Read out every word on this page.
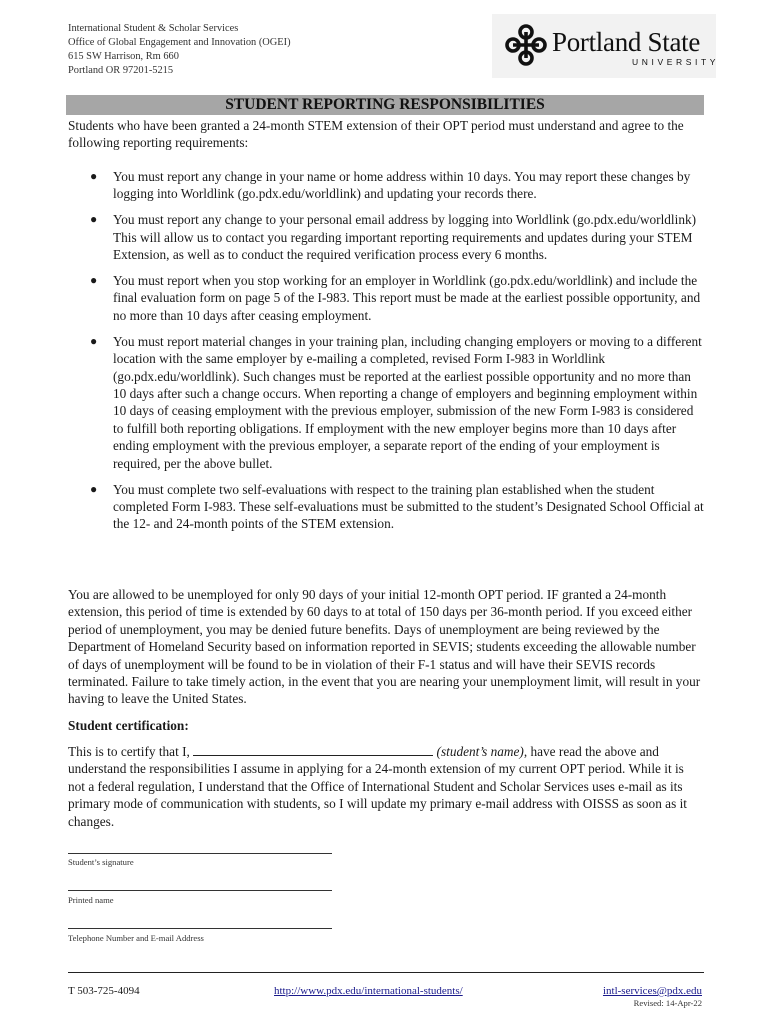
International Student & Scholar Services
Office of Global Engagement and Innovation (OGEI)
615 SW Harrison, Rm 660
Portland OR 97201-5215
Portland State
UNIVERSITY
STUDENT REPORTING RESPONSIBILITIES
Students who have been granted a 24-month STEM extension of their OPT period must understand and agree to the following reporting requirements:
● You must report any change in your name or home address within 10 days. You may report these changes by logging into Worldlink (go.pdx.edu/worldlink) and updating your records there.
● You must report any change to your personal email address by logging into Worldlink (go.pdx.edu/worldlink) This will allow us to contact you regarding important reporting requirements and updates during your STEM Extension, as well as to conduct the required verification process every 6 months.
● You must report when you stop working for an employer in Worldlink (go.pdx.edu/worldlink) and include the final evaluation form on page 5 of the I-983. This report must be made at the earliest possible opportunity, and no more than 10 days after ceasing employment.
● You must report material changes in your training plan, including changing employers or moving to a different location with the same employer by e-mailing a completed, revised Form I-983 in Worldlink (go.pdx.edu/worldlink). Such changes must be reported at the earliest possible opportunity and no more than 10 days after such a change occurs. When reporting a change of employers and beginning employment within 10 days of ceasing employment with the previous employer, submission of the new Form I-983 is considered to fulfill both reporting obligations. If employment with the new employer begins more than 10 days after ending employment with the previous employer, a separate report of the ending of your employment is required, per the above bullet.
● You must complete two self-evaluations with respect to the training plan established when the student completed Form I-983. These self-evaluations must be submitted to the student’s Designated School Official at the 12- and 24-month points of the STEM extension.
You are allowed to be unemployed for only 90 days of your initial 12-month OPT period. IF granted a 24-month extension, this period of time is extended by 60 days to at total of 150 days per 36-month period. If you exceed either period of unemployment, you may be denied future benefits. Days of unemployment are being reviewed by the Department of Homeland Security based on information reported in SEVIS; students exceeding the allowable number of days of unemployment will be found to be in violation of their F-1 status and will have their SEVIS records terminated. Failure to take timely action, in the event that you are nearing your unemployment limit, will result in your having to leave the United States.
Student certification:
This is to certify that I,	(student’s name), have read the above and understand the responsibilities I assume in applying for a 24-month extension of my current OPT period. While it is not a federal regulation, I understand that the Office of International Student and Scholar Services uses e-mail as its primary mode of communication with students, so I will update my primary e-mail address with OISSS as soon as it changes.
Student’s signature
Printed name
Telephone Number and E-mail Address
T 503-725-4094	http://www.pdx.edu/international-students/	intl-services@pdx.edu
Revised: 14-Apr-22
